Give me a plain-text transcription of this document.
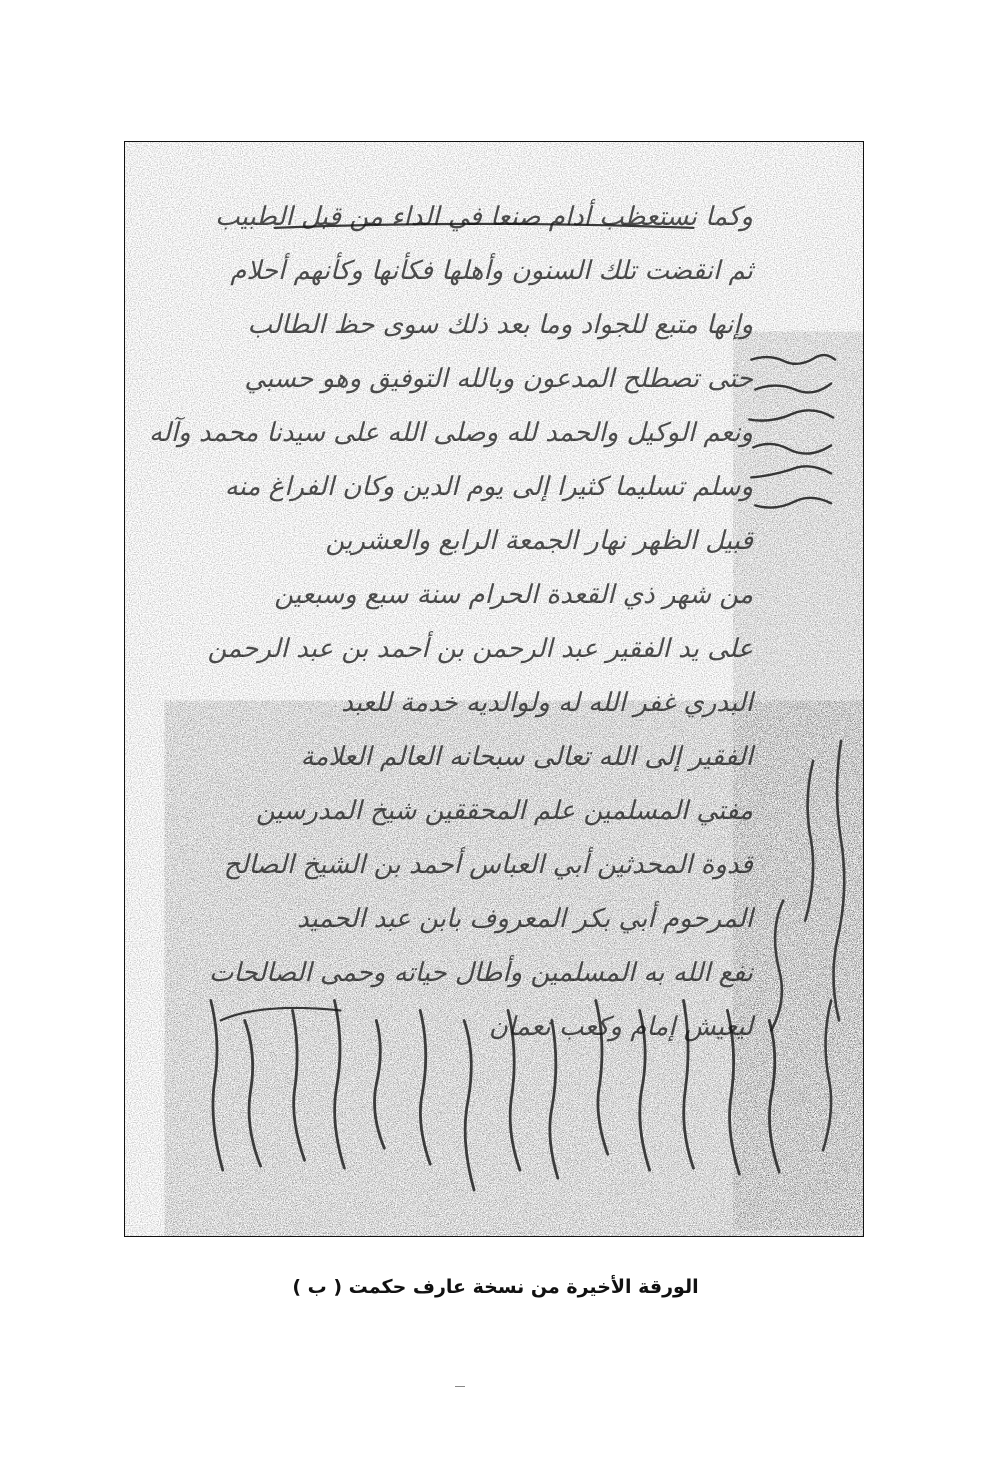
وكما نستعظب أدام صنعا في الداء من قبل الطبيب
ثم انقضت تلك السنون وأهلها فكأنها وكأنهم أحلام
وإنها متبع للجواد وما بعد ذلك سوى حظ الطالب
حتى تصطلح المدعون وبالله التوفيق وهو حسبي
ونعم الوكيل والحمد لله وصلى الله على سيدنا محمد وآله
وسلم تسليما كثيرا إلى يوم الدين وكان الفراغ منه
قبيل الظهر نهار الجمعة الرابع والعشرين
من شهر ذي القعدة الحرام سنة سبع وسبعين
على يد الفقير عبد الرحمن بن أحمد بن عبد الرحمن
البدري غفر الله له ولوالديه خدمة للعبد
الفقير إلى الله تعالى سبحانه العالم العلامة
مفتي المسلمين علم المحققين شيخ المدرسين
قدوة المحدثين أبي العباس أحمد بن الشيخ الصالح
المرحوم أبي بكر المعروف بابن عبد الحميد
نفع الله به المسلمين وأطال حياته وحمى الصالحات
ليعيش إمام وكعب نعمان
الورقة الأخيرة من نسخة عارف حكمت ( ب )
